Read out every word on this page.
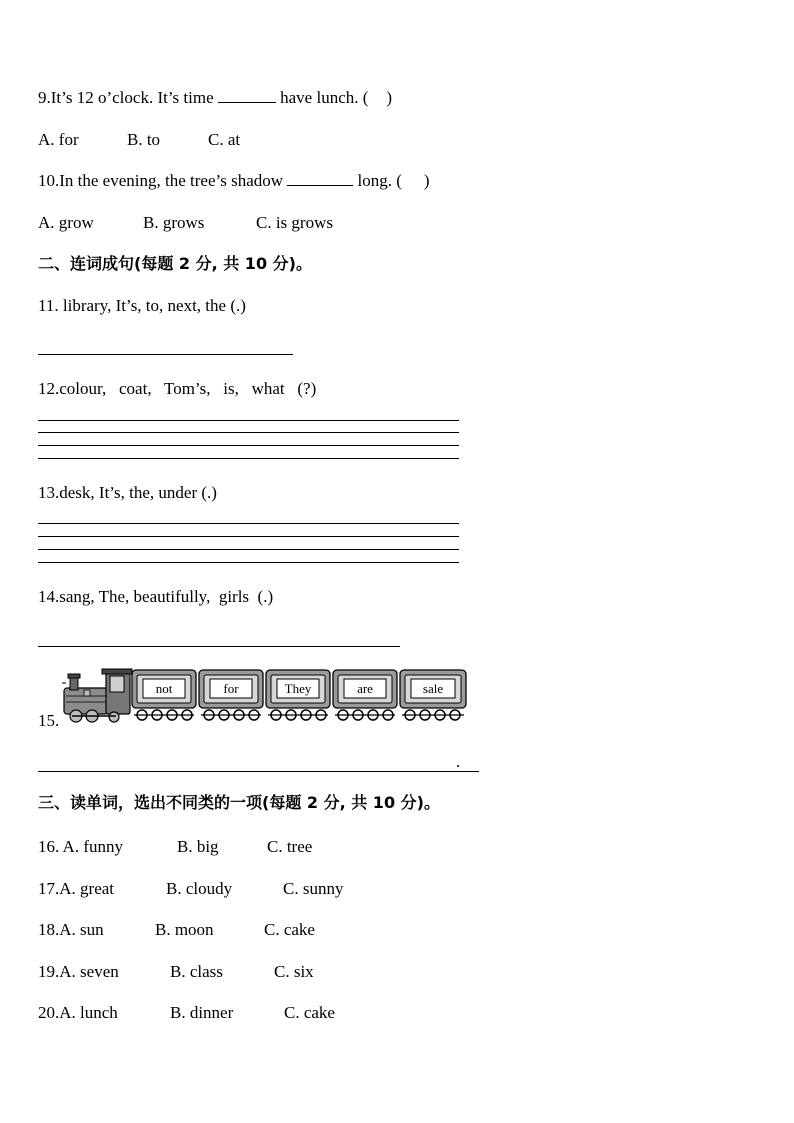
9.It’s 12 o’clock. It’s time	have lunch. ( )
A. for	B. to	C. at
10.In the evening, the tree’s shadow	long. ( )
A. grow	B. grows	C. is grows
二、连词成句(每题 2 分, 共 10 分)。
11. library, It’s, to, next, the (.)
12.colour,   coat,   Tom’s,   is,   what   (?)
13.desk, It’s, the, under (.)
14.sang, The, beautifully,  girls  (.)
15.
not	for	They	are	sale
.
三、读单词，选出不同类的一项(每题 2 分, 共 10 分)。
16. A. funny	B. big	C. tree
17.A. great	B. cloudy	C. sunny
18.A. sun	B. moon	C. cake
19.A. seven	B. class	C. six
20.A. lunch	B. dinner	C. cake
